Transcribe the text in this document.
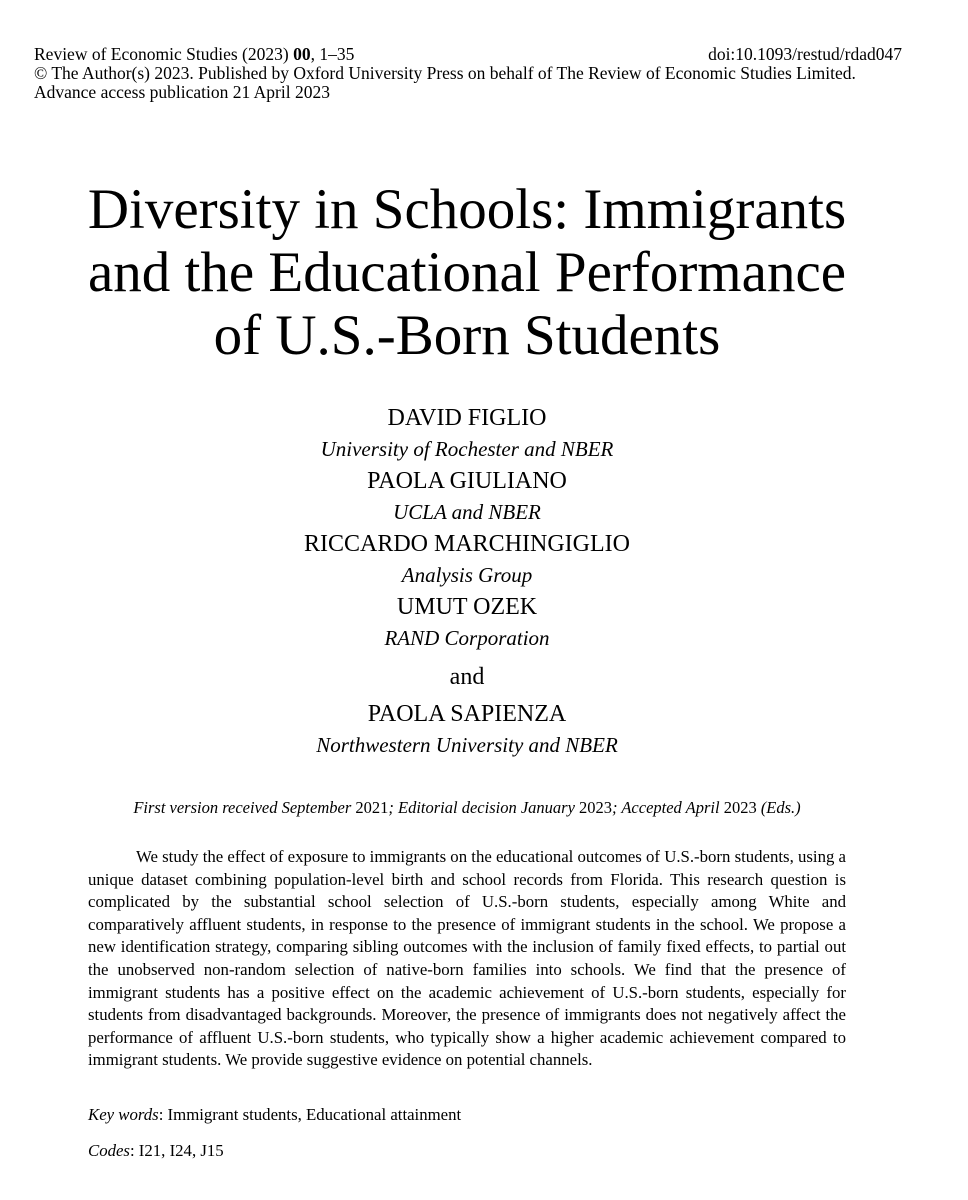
Review of Economic Studies (2023) 00, 1–35	doi:10.1093/restud/rdad047
© The Author(s) 2023. Published by Oxford University Press on behalf of The Review of Economic Studies Limited.
Advance access publication 21 April 2023
Diversity in Schools: Immigrants
and the Educational Performance
of U.S.-Born Students
DAVID FIGLIO
University of Rochester and NBER
PAOLA GIULIANO
UCLA and NBER
RICCARDO MARCHINGIGLIO
Analysis Group
UMUT OZEK
RAND Corporation
and
PAOLA SAPIENZA
Northwestern University and NBER
First version received September 2021; Editorial decision January 2023; Accepted April 2023 (Eds.)

We study the effect of exposure to immigrants on the educational outcomes of U.S.-born students, using a unique dataset combining population-level birth and school records from Florida. This research question is complicated by the substantial school selection of U.S.-born students, especially among White and comparatively affluent students, in response to the presence of immigrant students in the school. We propose a new identification strategy, comparing sibling outcomes with the inclusion of family fixed effects, to partial out the unobserved non-random selection of native-born families into schools. We find that the presence of immigrant students has a positive effect on the academic achievement of U.S.-born students, especially for students from disadvantaged backgrounds. Moreover, the presence of immigrants does not negatively affect the performance of affluent U.S.-born students, who typically show a higher academic achievement compared to immigrant students. We provide suggestive evidence on potential channels.

Key words: Immigrant students, Educational attainment
Codes: I21, I24, J15
